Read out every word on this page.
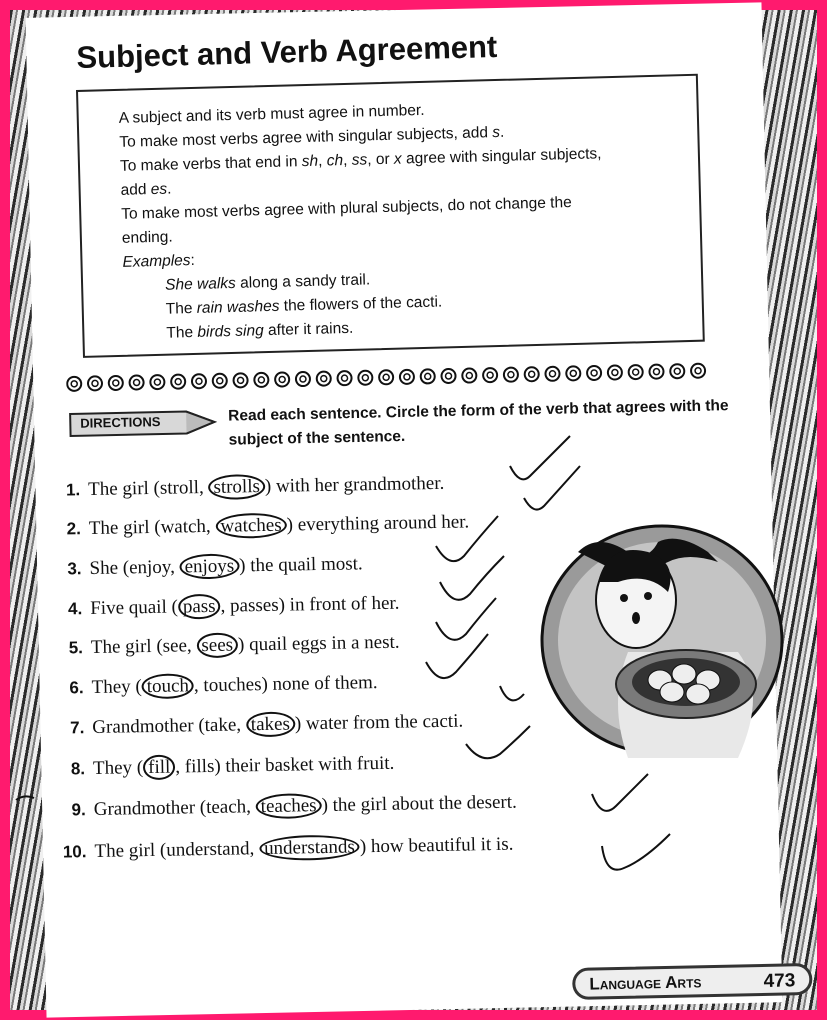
Subject and Verb Agreement
A subject and its verb must agree in number.
To make most verbs agree with singular subjects, add s.
To make verbs that end in sh, ch, ss, or x agree with singular subjects,
add es.
To make most verbs agree with plural subjects, do not change the
ending.
Examples:
She walks along a sandy trail.
The rain washes the flowers of the cacti.
The birds sing after it rains.
DIRECTIONS	Read each sentence. Circle the form of the verb that agrees with the subject of the sentence.
1. The girl (stroll, strolls ) with her grandmother.
2. The girl (watch, watches ) everything around her.
3. She (enjoy, enjoys ) the quail most.
4. Five quail ( pass , passes) in front of her.
5. The girl (see, sees ) quail eggs in a nest.
6. They ( touch , touches) none of them.
7. Grandmother (take, takes ) water from the cacti.
8. They ( fill , fills) their basket with fruit.
9. Grandmother (teach, teaches ) the girl about the desert.
10. The girl (understand, understands ) how beautiful it is.
Language Arts	473
